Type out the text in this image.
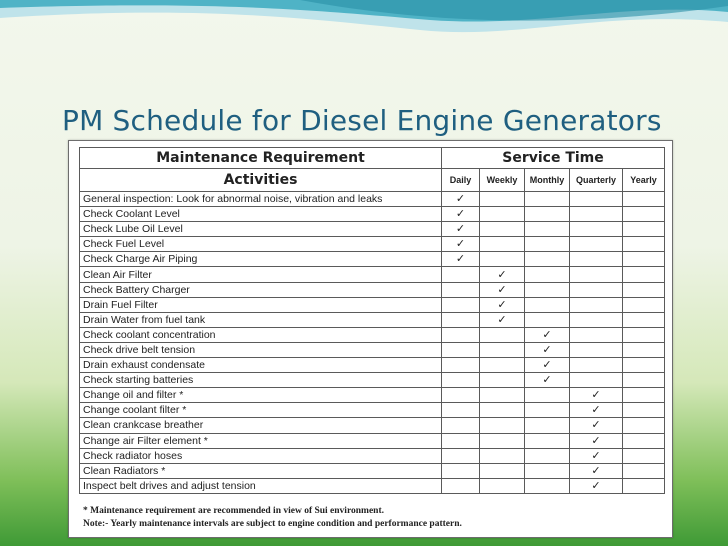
PM Schedule for Diesel Engine Generators
Maintenance Requirement	Service Time				
Activities	Daily	Weekly	Monthly	Quarterly	Yearly
General inspection: Look for abnormal noise, vibration and leaks	✓				
Check Coolant Level	✓				
Check Lube Oil Level	✓				
Check Fuel Level	✓				
Check Charge Air Piping	✓				
Clean Air Filter		✓			
Check Battery Charger		✓			
Drain Fuel Filter		✓			
Drain Water from fuel tank		✓			
Check coolant concentration			✓		
Check drive belt tension			✓		
Drain exhaust condensate			✓		
Check starting batteries			✓		
Change oil and filter *				✓	
Change coolant filter *				✓	
Clean crankcase breather				✓	
Change air Filter element *				✓	
Check radiator hoses				✓	
Clean Radiators *				✓	
Inspect belt drives and adjust tension				✓	
* Maintenance requirement are recommended in view of Sui environment.
Note:- Yearly maintenance intervals are subject to engine condition and performance pattern.
